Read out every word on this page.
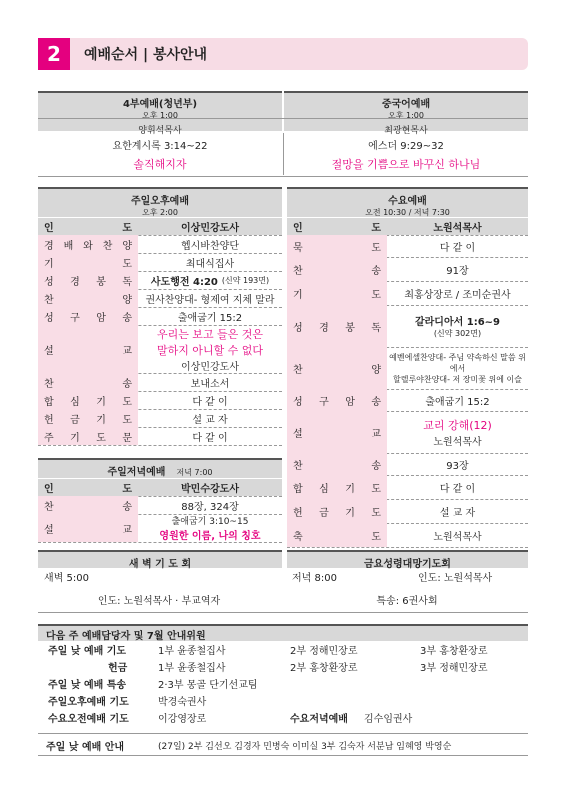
2	예배순서 | 봉사안내
4부예배(청년부)
오후 1:00
양휘석목사
중국어예배
오후 1:00
최광현목사
요한계시록 3:14~22
솔직해지자
에스더 9:29~32
절망을 기쁨으로 바꾸신 하나님
주일오후예배
오후 2:00
인	도	이상민강도사
경 배 와 찬 양	헵시바찬양단
기	도	최대식집사
성 경 봉 독 사도행전 4:20 (신약 193면)
찬	양 권사찬양대- 형제여 지체 말라
성 구 암 송	출애굽기 15:2
설	교
우리는 보고 들은 것은
말하지 아니할 수 없다
이상민강도사
찬	송	보내소서
합 심 기 도	다 같 이
헌 금 기 도	설 교 자
주 기 도 문	다 같 이
주일저녁예배 저녁 7:00
인	도	박민수강도사
찬	송	88장, 324장
설	교
출애굽기 3:10~15
영원한 이름, 나의 칭호
수요예배
오전 10:30 / 저녁 7:30
인	도	노원석목사
묵	도	다 같 이
찬	송	91장
기	도 최홍상장로 / 조미순권사
성 경 봉 독	갈라디아서 1:6~9
(신약 302면)
찬	양
예벤에셀찬양대- 주님 약속하신 말씀 위에서
할렐루야찬양대- 저 장미꽃 위에 이슬
성 구 암 송	출애굽기 15:2
설	교
교리 강해(12)
노원석목사
찬	송	93장
합 심 기 도	다 같 이
헌 금 기 도	설 교 자
축	도	노원석목사
새 벽 기 도 회	금요성령대망기도회
새벽 5:00
인도: 노원석목사 · 부교역자
저녁 8:00	인도: 노원석목사
특송: 6권사회
다음 주 예배담당자 및 7월 안내위원
주일 낮 예배 기도	1부 윤종철집사	2부 정해민장로	3부 홍창환장로
헌금	1부 윤종철집사	2부 홍창환장로	3부 정해민장로
주일 낮 예배 특송	2·3부 몽골 단기선교팀
주일오후예배 기도	박경숙권사
수요오전예배 기도	이강영장로	수요저녁예배 김수임권사
주일 낮 예배 안내	(27일) 2부 김선오 김경자 민병숙 이미실 3부 김숙자 서분남 임혜영 박영순
